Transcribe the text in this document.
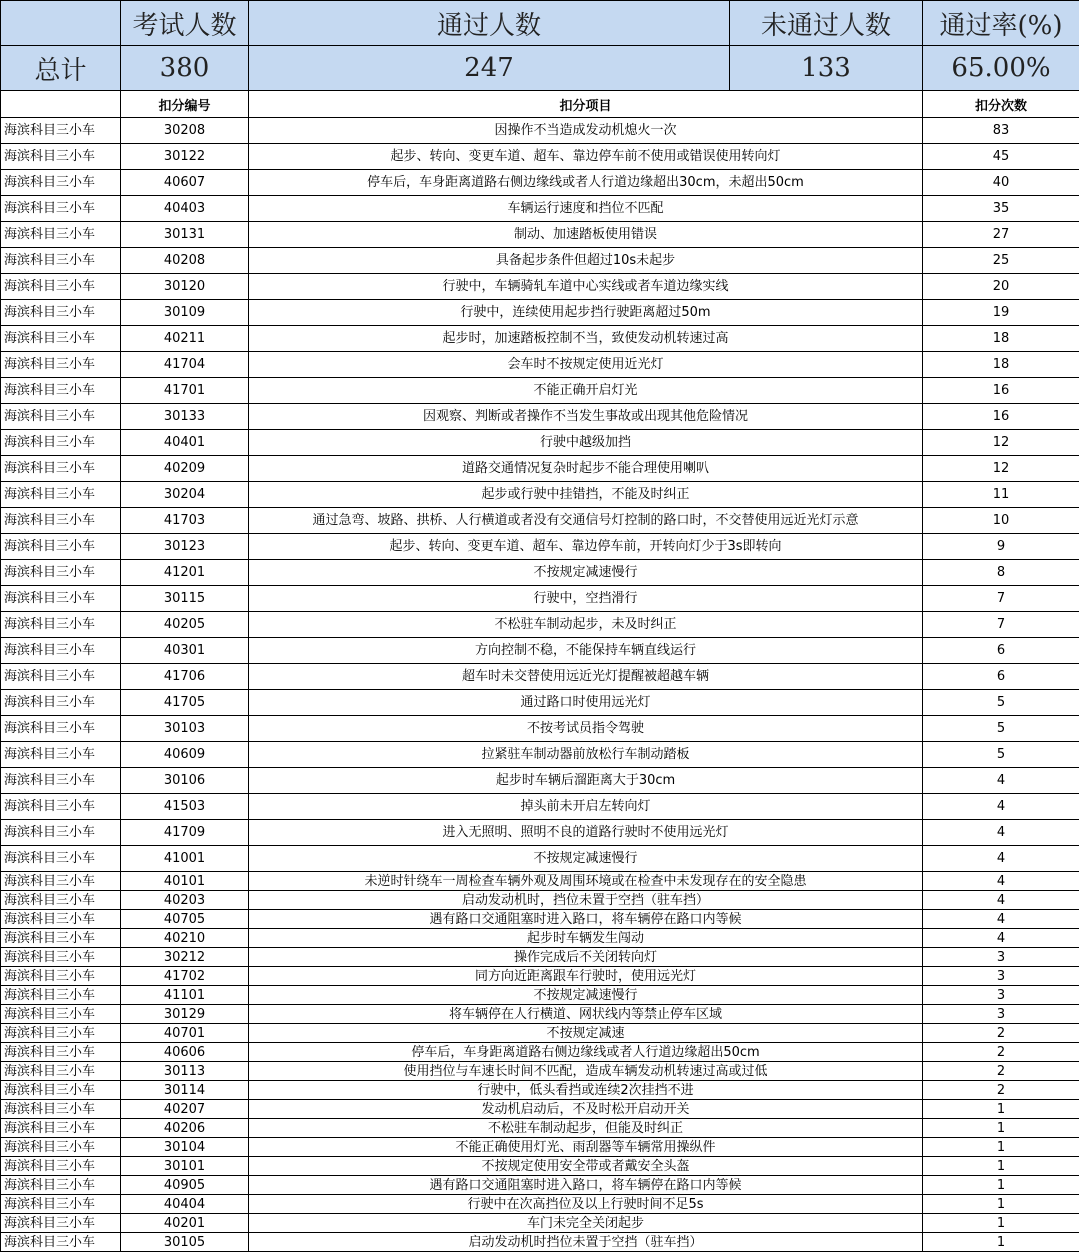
	考试人数	通过人数	未通过人数	通过率(%)
总计	380	247	133	65.00%
	扣分编号	扣分项目	扣分次数
海滨科目三小车	30208	因操作不当造成发动机熄火一次	83
海滨科目三小车	30122	起步、转向、变更车道、超车、靠边停车前不使用或错误使用转向灯	45
海滨科目三小车	40607	停车后，车身距离道路右侧边缘线或者人行道边缘超出30cm，未超出50cm	40
海滨科目三小车	40403	车辆运行速度和挡位不匹配	35
海滨科目三小车	30131	制动、加速踏板使用错误	27
海滨科目三小车	40208	具备起步条件但超过10s未起步	25
海滨科目三小车	30120	行驶中，车辆骑轧车道中心实线或者车道边缘实线	20
海滨科目三小车	30109	行驶中，连续使用起步挡行驶距离超过50m	19
海滨科目三小车	40211	起步时，加速踏板控制不当，致使发动机转速过高	18
海滨科目三小车	41704	会车时不按规定使用近光灯	18
海滨科目三小车	41701	不能正确开启灯光	16
海滨科目三小车	30133	因观察、判断或者操作不当发生事故或出现其他危险情况	16
海滨科目三小车	40401	行驶中越级加挡	12
海滨科目三小车	40209	道路交通情况复杂时起步不能合理使用喇叭	12
海滨科目三小车	30204	起步或行驶中挂错挡，不能及时纠正	11
海滨科目三小车	41703	通过急弯、坡路、拱桥、人行横道或者没有交通信号灯控制的路口时，不交替使用远近光灯示意	10
海滨科目三小车	30123	起步、转向、变更车道、超车、靠边停车前，开转向灯少于3s即转向	9
海滨科目三小车	41201	不按规定减速慢行	8
海滨科目三小车	30115	行驶中，空挡滑行	7
海滨科目三小车	40205	不松驻车制动起步，未及时纠正	7
海滨科目三小车	40301	方向控制不稳，不能保持车辆直线运行	6
海滨科目三小车	41706	超车时未交替使用远近光灯提醒被超越车辆	6
海滨科目三小车	41705	通过路口时使用远光灯	5
海滨科目三小车	30103	不按考试员指令驾驶	5
海滨科目三小车	40609	拉紧驻车制动器前放松行车制动踏板	5
海滨科目三小车	30106	起步时车辆后溜距离大于30cm	4
海滨科目三小车	41503	掉头前未开启左转向灯	4
海滨科目三小车	41709	进入无照明、照明不良的道路行驶时不使用远光灯	4
海滨科目三小车	41001	不按规定减速慢行	4
海滨科目三小车	40101	未逆时针绕车一周检查车辆外观及周围环境或在检查中未发现存在的安全隐患	4
海滨科目三小车	40203	启动发动机时，挡位未置于空挡（驻车挡）	4
海滨科目三小车	40705	遇有路口交通阻塞时进入路口，将车辆停在路口内等候	4
海滨科目三小车	40210	起步时车辆发生闯动	4
海滨科目三小车	30212	操作完成后不关闭转向灯	3
海滨科目三小车	41702	同方向近距离跟车行驶时，使用远光灯	3
海滨科目三小车	41101	不按规定减速慢行	3
海滨科目三小车	30129	将车辆停在人行横道、网状线内等禁止停车区域	3
海滨科目三小车	40701	不按规定减速	2
海滨科目三小车	40606	停车后，车身距离道路右侧边缘线或者人行道边缘超出50cm	2
海滨科目三小车	30113	使用挡位与车速长时间不匹配，造成车辆发动机转速过高或过低	2
海滨科目三小车	30114	行驶中，低头看挡或连续2次挂挡不进	2
海滨科目三小车	40207	发动机启动后，不及时松开启动开关	1
海滨科目三小车	40206	不松驻车制动起步，但能及时纠正	1
海滨科目三小车	30104	不能正确使用灯光、雨刮器等车辆常用操纵件	1
海滨科目三小车	30101	不按规定使用安全带或者戴安全头盔	1
海滨科目三小车	40905	遇有路口交通阻塞时进入路口，将车辆停在路口内等候	1
海滨科目三小车	40404	行驶中在次高挡位及以上行驶时间不足5s	1
海滨科目三小车	40201	车门未完全关闭起步	1
海滨科目三小车	30105	启动发动机时挡位未置于空挡（驻车挡）	1
